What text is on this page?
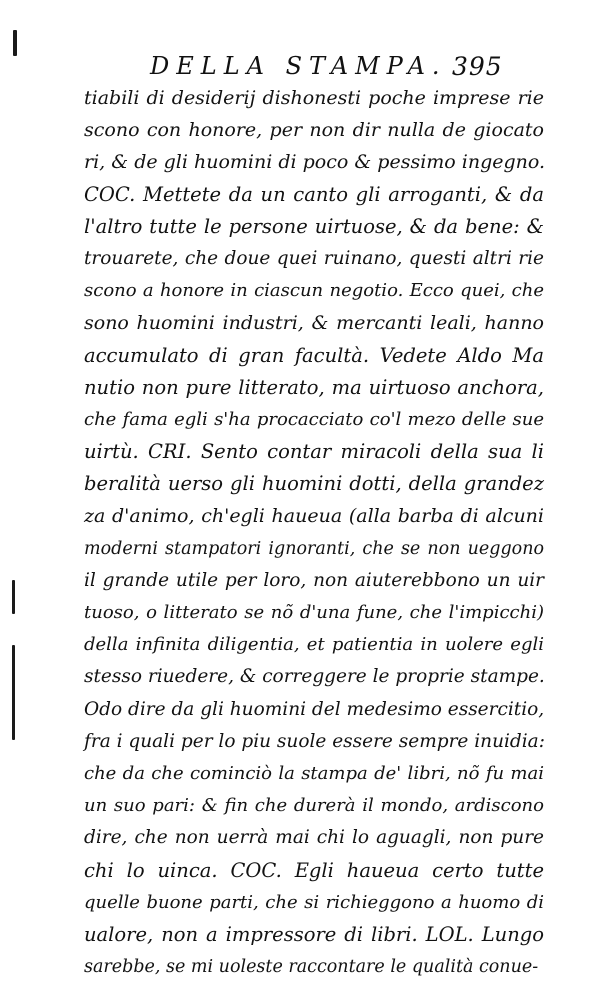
DELLA STAMPA. 395
tiabili di desiderij dishonesti poche imprese rie
scono con honore, per non dir nulla de giocato
ri, & de gli huomini di poco & pessimo ingegno.
COC. Mettete da un canto gli arroganti, & da
l'altro tutte le persone uirtuose, & da bene: &
trouarete, che doue quei ruinano, questi altri rie
scono a honore in ciascun negotio. Ecco quei, che
sono huomini industri, & mercanti leali, hanno
accumulato di gran facultà. Vedete Aldo Ma
nutio non pure litterato, ma uirtuoso anchora,
che fama egli s'ha procacciato co'l mezo delle sue
uirtù. CRI. Sento contar miracoli della sua li
beralità uerso gli huomini dotti, della grandez
za d'animo, ch'egli haueua (alla barba di alcuni
moderni stampatori ignoranti, che se non ueggono
il grande utile per loro, non aiuterebbono un uir
tuoso, o litterato se nõ d'una fune, che l'impicchi)
della infinita diligentia, et patientia in uolere egli
stesso riuedere, & correggere le proprie stampe.
Odo dire da gli huomini del medesimo essercitio,
fra i quali per lo piu suole essere sempre inuidia:
che da che cominciò la stampa de' libri, nõ fu mai
un suo pari: & fin che durerà il mondo, ardiscono
dire, che non uerrà mai chi lo aguagli, non pure
chi lo uinca. COC. Egli haueua certo tutte
quelle buone parti, che si richieggono a huomo di
ualore, non a impressore di libri. LOL. Lungo
sarebbe, se mi uoleste raccontare le qualità conue-
